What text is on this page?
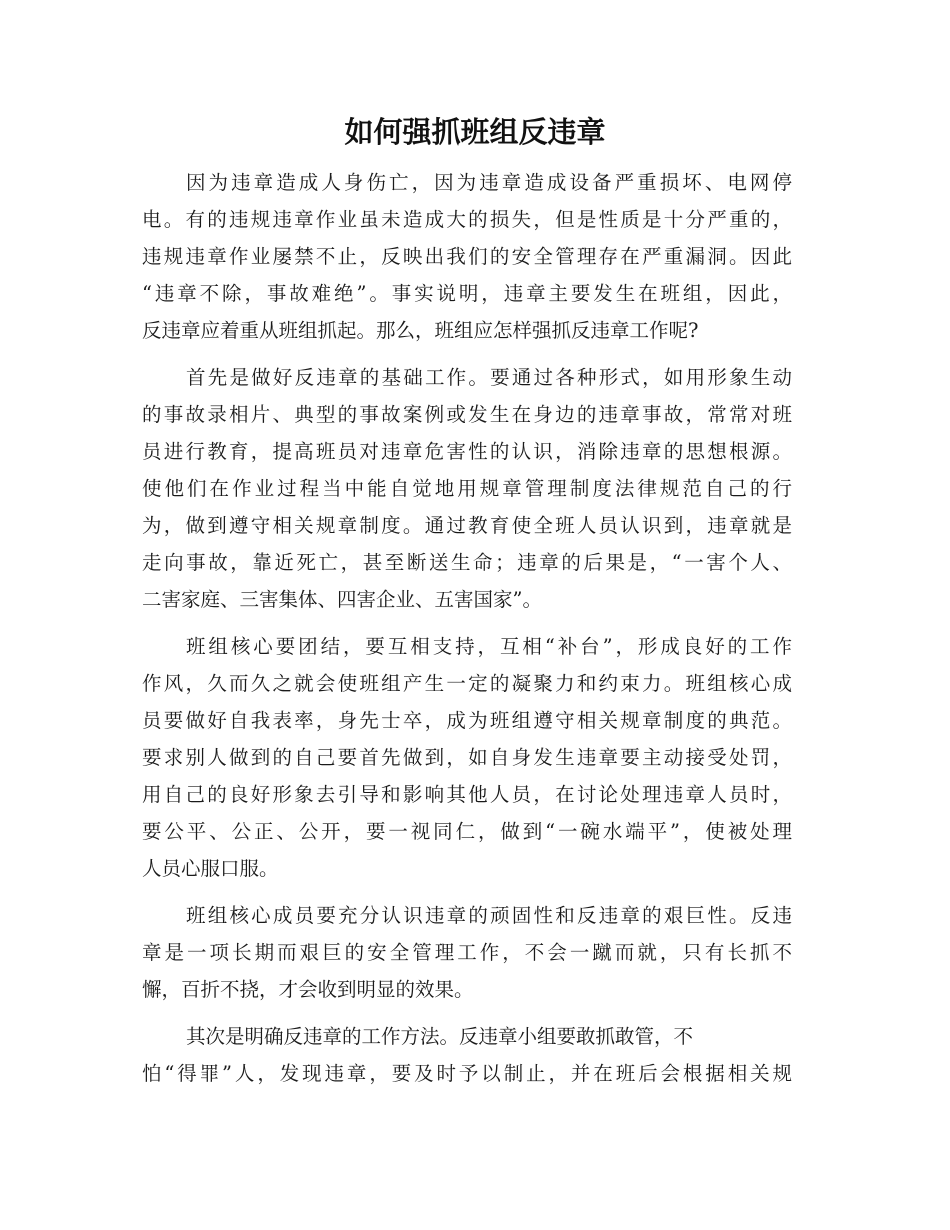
如何强抓班组反违章
因为违章造成人身伤亡，因为违章造成设备严重损坏、电网停
电。有的违规违章作业虽未造成大的损失，但是性质是十分严重的，
违规违章作业屡禁不止，反映出我们的安全管理存在严重漏洞。因此
“违章不除，事故难绝”。事实说明，违章主要发生在班组，因此，
反违章应着重从班组抓起。那么，班组应怎样强抓反违章工作呢?
首先是做好反违章的基础工作。要通过各种形式，如用形象生动
的事故录相片、典型的事故案例或发生在身边的违章事故，常常对班
员进行教育，提高班员对违章危害性的认识，消除违章的思想根源。
使他们在作业过程当中能自觉地用规章管理制度法律规范自己的行
为，做到遵守相关规章制度。通过教育使全班人员认识到，违章就是
走向事故，靠近死亡，甚至断送生命；违章的后果是，“一害个人、
二害家庭、三害集体、四害企业、五害国家”。
班组核心要团结，要互相支持，互相“补台”，形成良好的工作
作风，久而久之就会使班组产生一定的凝聚力和约束力。班组核心成
员要做好自我表率，身先士卒，成为班组遵守相关规章制度的典范。
要求别人做到的自己要首先做到，如自身发生违章要主动接受处罚，
用自己的良好形象去引导和影响其他人员，在讨论处理违章人员时，
要公平、公正、公开，要一视同仁，做到“一碗水端平”，使被处理
人员心服口服。
班组核心成员要充分认识违章的顽固性和反违章的艰巨性。反违
章是一项长期而艰巨的安全管理工作，不会一蹴而就，只有长抓不
懈，百折不挠，才会收到明显的效果。
其次是明确反违章的工作方法。反违章小组要敢抓敢管，不
怕“得罪”人，发现违章，要及时予以制止，并在班后会根据相关规
